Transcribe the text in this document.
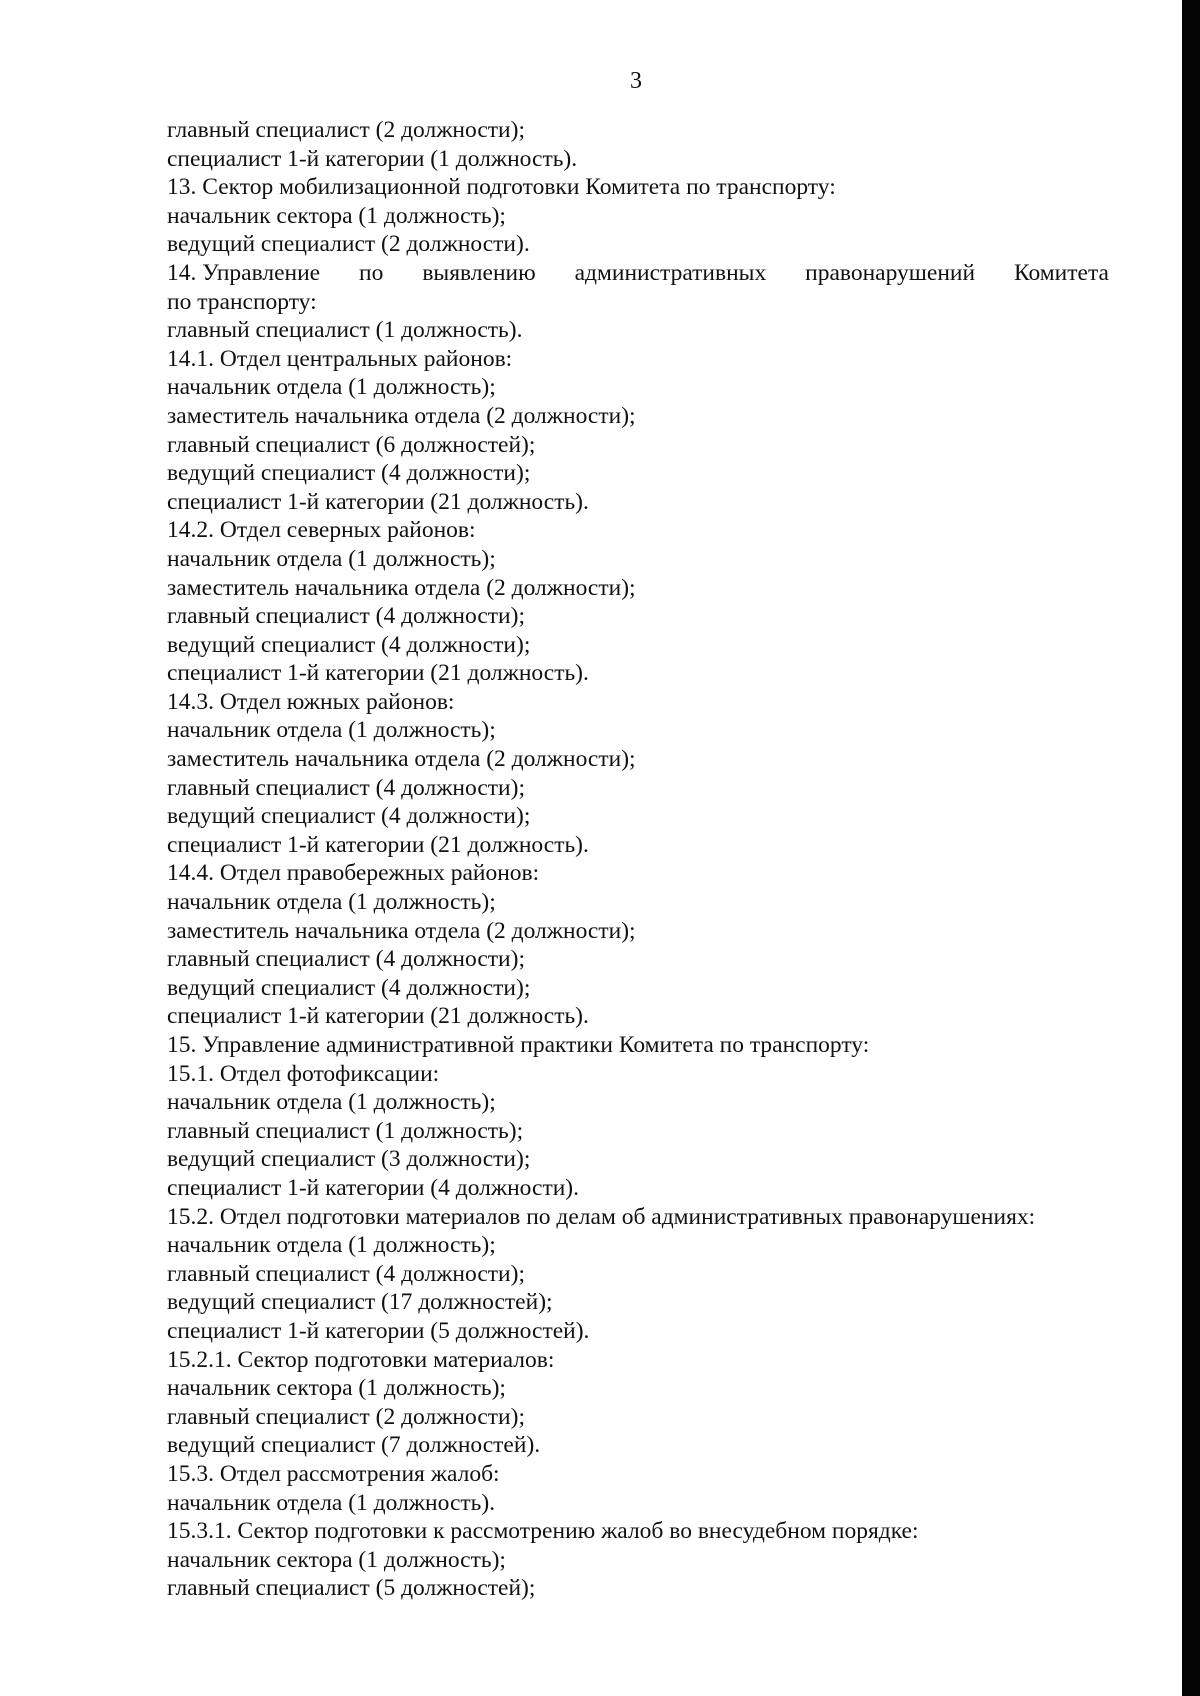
3
главный специалист (2 должности);
специалист 1-й категории (1 должность).
13. Сектор мобилизационной подготовки Комитета по транспорту:
начальник сектора (1 должность);
ведущий специалист (2 должности).
14. Управление по выявлению административных правонарушений Комитета
по транспорту:
главный специалист (1 должность).
14.1. Отдел центральных районов:
начальник отдела (1 должность);
заместитель начальника отдела (2 должности);
главный специалист (6 должностей);
ведущий специалист (4 должности);
специалист 1-й категории (21 должность).
14.2. Отдел северных районов:
начальник отдела (1 должность);
заместитель начальника отдела (2 должности);
главный специалист (4 должности);
ведущий специалист (4 должности);
специалист 1-й категории (21 должность).
14.3. Отдел южных районов:
начальник отдела (1 должность);
заместитель начальника отдела (2 должности);
главный специалист (4 должности);
ведущий специалист (4 должности);
специалист 1-й категории (21 должность).
14.4. Отдел правобережных районов:
начальник отдела (1 должность);
заместитель начальника отдела (2 должности);
главный специалист (4 должности);
ведущий специалист (4 должности);
специалист 1-й категории (21 должность).
15. Управление административной практики Комитета по транспорту:
15.1. Отдел фотофиксации:
начальник отдела (1 должность);
главный специалист (1 должность);
ведущий специалист (3 должности);
специалист 1-й категории (4 должности).
15.2. Отдел подготовки материалов по делам об административных правонарушениях:
начальник отдела (1 должность);
главный специалист (4 должности);
ведущий специалист (17 должностей);
специалист 1-й категории (5 должностей).
15.2.1. Сектор подготовки материалов:
начальник сектора (1 должность);
главный специалист (2 должности);
ведущий специалист (7 должностей).
15.3. Отдел рассмотрения жалоб:
начальник отдела (1 должность).
15.3.1. Сектор подготовки к рассмотрению жалоб во внесудебном порядке:
начальник сектора (1 должность);
главный специалист (5 должностей);
